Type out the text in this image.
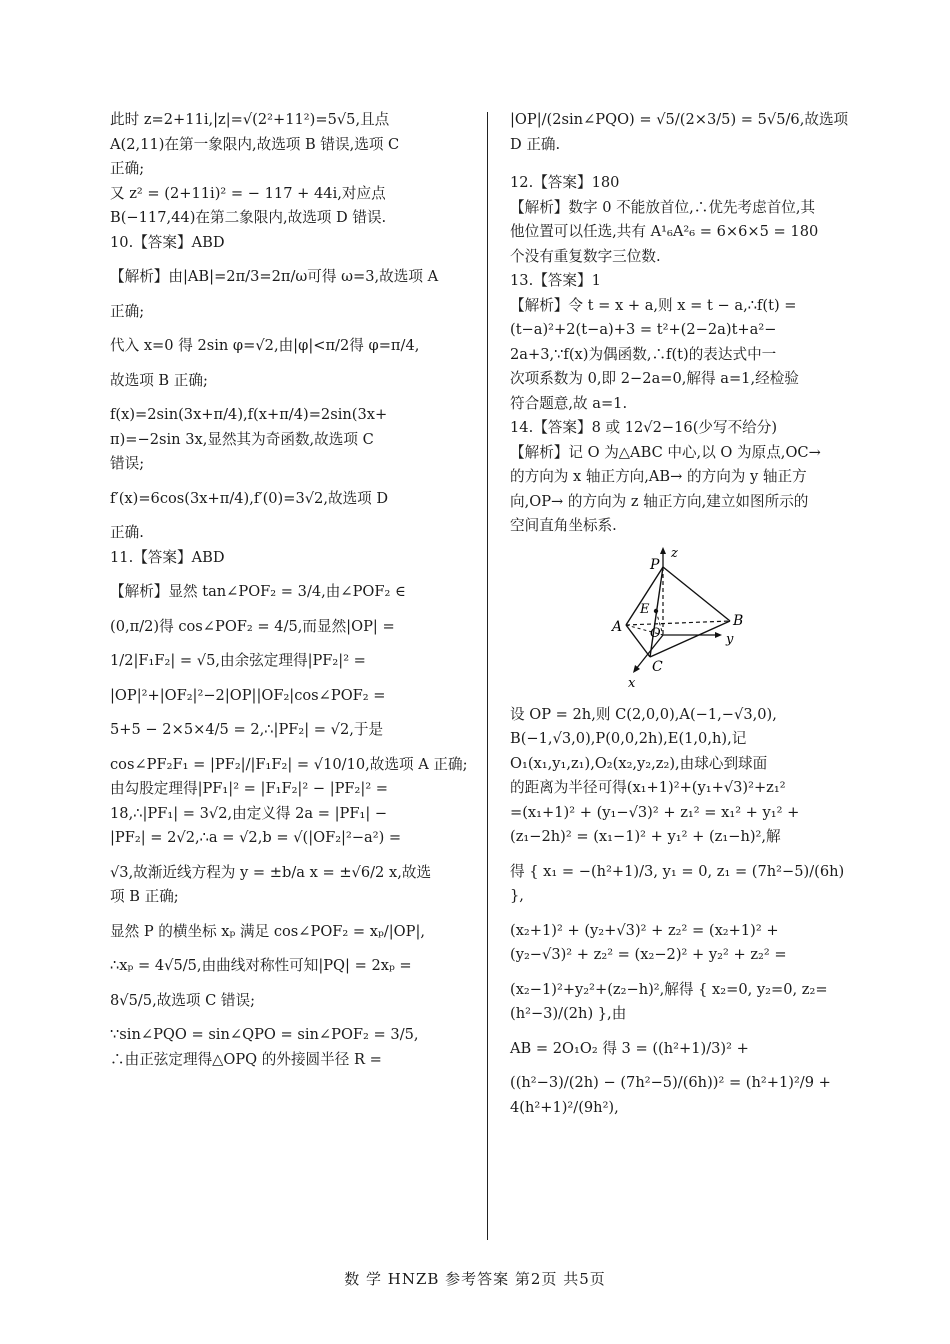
此时 z=2+11i,|z|=√(2²+11²)=5√5,且点

A(2,11)在第一象限内,故选项 B 错误,选项 C

正确;

又 z² = (2+11i)² = − 117 + 44i,对应点

B(−117,44)在第二象限内,故选项 D 错误.

10.【答案】ABD

【解析】由|AB|=2π/3=2π/ω可得 ω=3,故选项 A

正确;

代入 x=0 得 2sin φ=√2,由|φ|<π/2得 φ=π/4,

故选项 B 正确;

f(x)=2sin(3x+π/4),f(x+π/4)=2sin(3x+

π)=−2sin 3x,显然其为奇函数,故选项 C

错误;

f′(x)=6cos(3x+π/4),f′(0)=3√2,故选项 D

正确.

11.【答案】ABD

【解析】显然 tan∠POF₂ = 3/4,由∠POF₂ ∈

(0,π/2)得 cos∠POF₂ = 4/5,而显然|OP| =

1/2|F₁F₂| = √5,由余弦定理得|PF₂|² =

|OP|²+|OF₂|²−2|OP||OF₂|cos∠POF₂ =

5+5 − 2×5×4/5 = 2,∴|PF₂| = √2,于是

cos∠PF₂F₁ = |PF₂|/|F₁F₂| = √10/10,故选项 A 正确;

由勾股定理得|PF₁|² = |F₁F₂|² − |PF₂|² =

18,∴|PF₁| = 3√2,由定义得 2a = |PF₁| −

|PF₂| = 2√2,∴a = √2,b = √(|OF₂|²−a²) =

√3,故渐近线方程为 y = ±b/a x = ±√6/2 x,故选

项 B 正确;

显然 P 的横坐标 xₚ 满足 cos∠POF₂ = xₚ/|OP|,

∴xₚ = 4√5/5,由曲线对称性可知|PQ| = 2xₚ =

8√5/5,故选项 C 错误;

∵sin∠PQO = sin∠QPO = sin∠POF₂ = 3/5,

∴由正弦定理得△OPQ 的外接圆半径 R =

|OP|/(2sin∠PQO) = √5/(2×3/5) = 5√5/6,故选项 D 正确.

12.【答案】180

【解析】数字 0 不能放首位,∴优先考虑首位,其

他位置可以任选,共有 A¹₆A²₆ = 6×6×5 = 180

个没有重复数字三位数.

13.【答案】1

【解析】令 t = x + a,则 x = t − a,∴f(t) =

(t−a)²+2(t−a)+3 = t²+(2−2a)t+a²−

2a+3,∵f(x)为偶函数,∴f(t)的表达式中一

次项系数为 0,即 2−2a=0,解得 a=1,经检验

符合题意,故 a=1.

14.【答案】8 或 12√2−16(少写不给分)

【解析】记 O 为△ABC 中心,以 O 为原点,OC→

的方向为 x 轴正方向,AB→ 的方向为 y 轴正方

向,OP→ 的方向为 z 轴正方向,建立如图所示的

空间直角坐标系.

P
z
E
A O
B
y
C
x

设 OP = 2h,则 C(2,0,0),A(−1,−√3,0),

B(−1,√3,0),P(0,0,2h),E(1,0,h),记

O₁(x₁,y₁,z₁),O₂(x₂,y₂,z₂),由球心到球面

的距离为半径可得(x₁+1)²+(y₁+√3)²+z₁²

=(x₁+1)² + (y₁−√3)² + z₁² = x₁² + y₁² +

(z₁−2h)² = (x₁−1)² + y₁² + (z₁−h)²,解

得 { x₁ = −(h²+1)/3, y₁ = 0, z₁ = (7h²−5)/(6h) },

(x₂+1)² + (y₂+√3)² + z₂² = (x₂+1)² +

(y₂−√3)² + z₂² = (x₂−2)² + y₂² + z₂² =

(x₂−1)²+y₂²+(z₂−h)²,解得 { x₂=0, y₂=0, z₂=(h²−3)/(2h) },由

AB = 2O₁O₂ 得 3 = ((h²+1)/3)² +

((h²−3)/(2h) − (7h²−5)/(6h))² = (h²+1)²/9 + 4(h²+1)²/(9h²),

数 学 HNZB 参考答案 第2页 共5页
